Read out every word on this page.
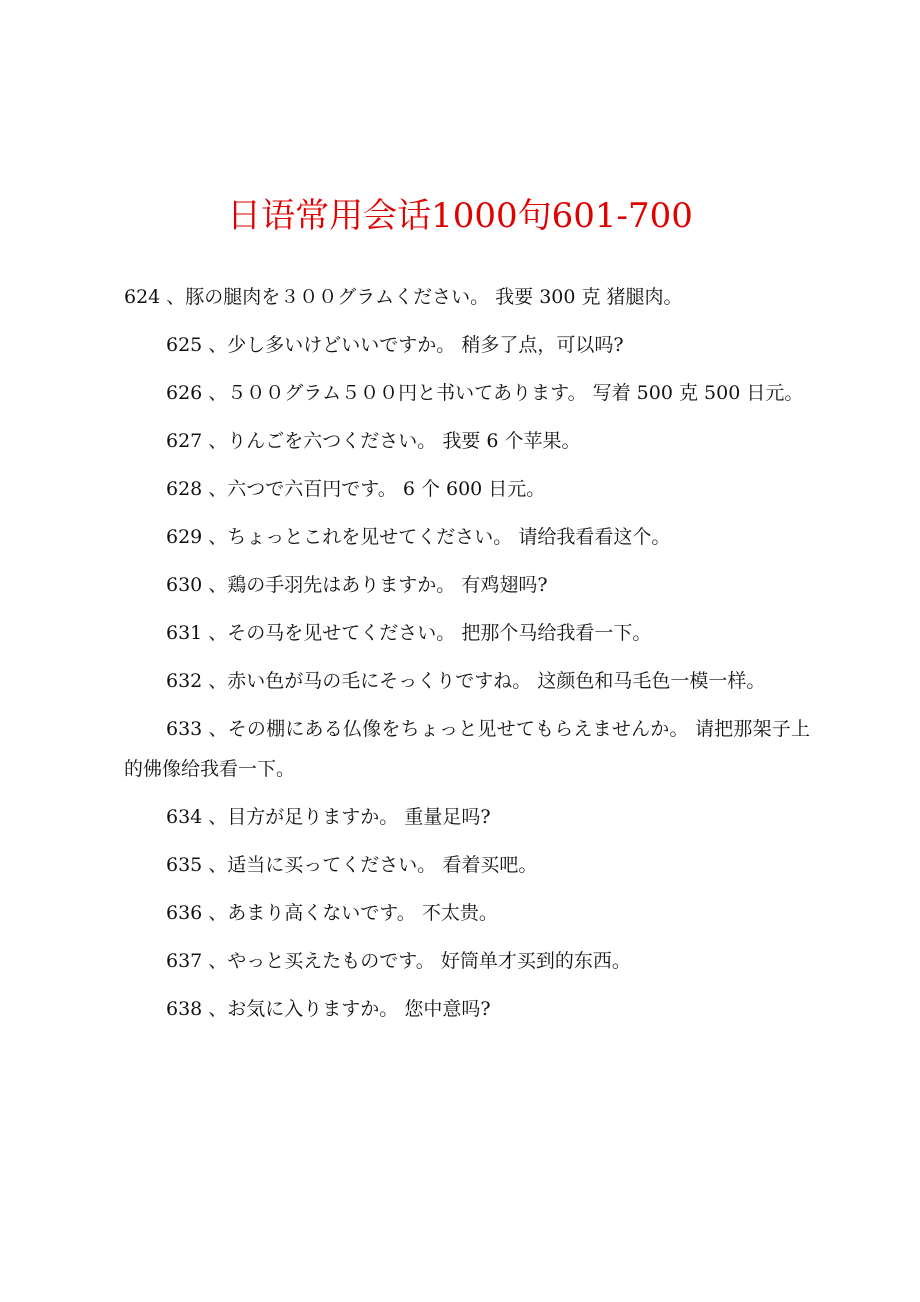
日语常用会话1000句601-700

624 、豚の腿肉を３００グラムください。 我要 300 克 猪腿肉。

625 、少し多いけどいいですか。 稍多了点，可以吗?

626 、５００グラム５００円と书いてあります。 写着 500 克 500 日元。

627 、りんごを六つください。 我要 6 个苹果。

628 、六つで六百円です。 6 个 600 日元。

629 、ちょっとこれを见せてください。 请给我看看这个。

630 、鶏の手羽先はありますか。 有鸡翅吗?

631 、その马を见せてください。 把那个马给我看一下。

632 、赤い色が马の毛にそっくりですね。 这颜色和马毛色一模一样。

633 、その棚にある仏像をちょっと见せてもらえませんか。 请把那架子上的佛像给我看一下。

634 、目方が足りますか。 重量足吗?

635 、适当に买ってください。 看着买吧。

636 、あまり高くないです。 不太贵。

637 、やっと买えたものです。 好筒单才买到的东西。

638 、お気に入りますか。 您中意吗?
